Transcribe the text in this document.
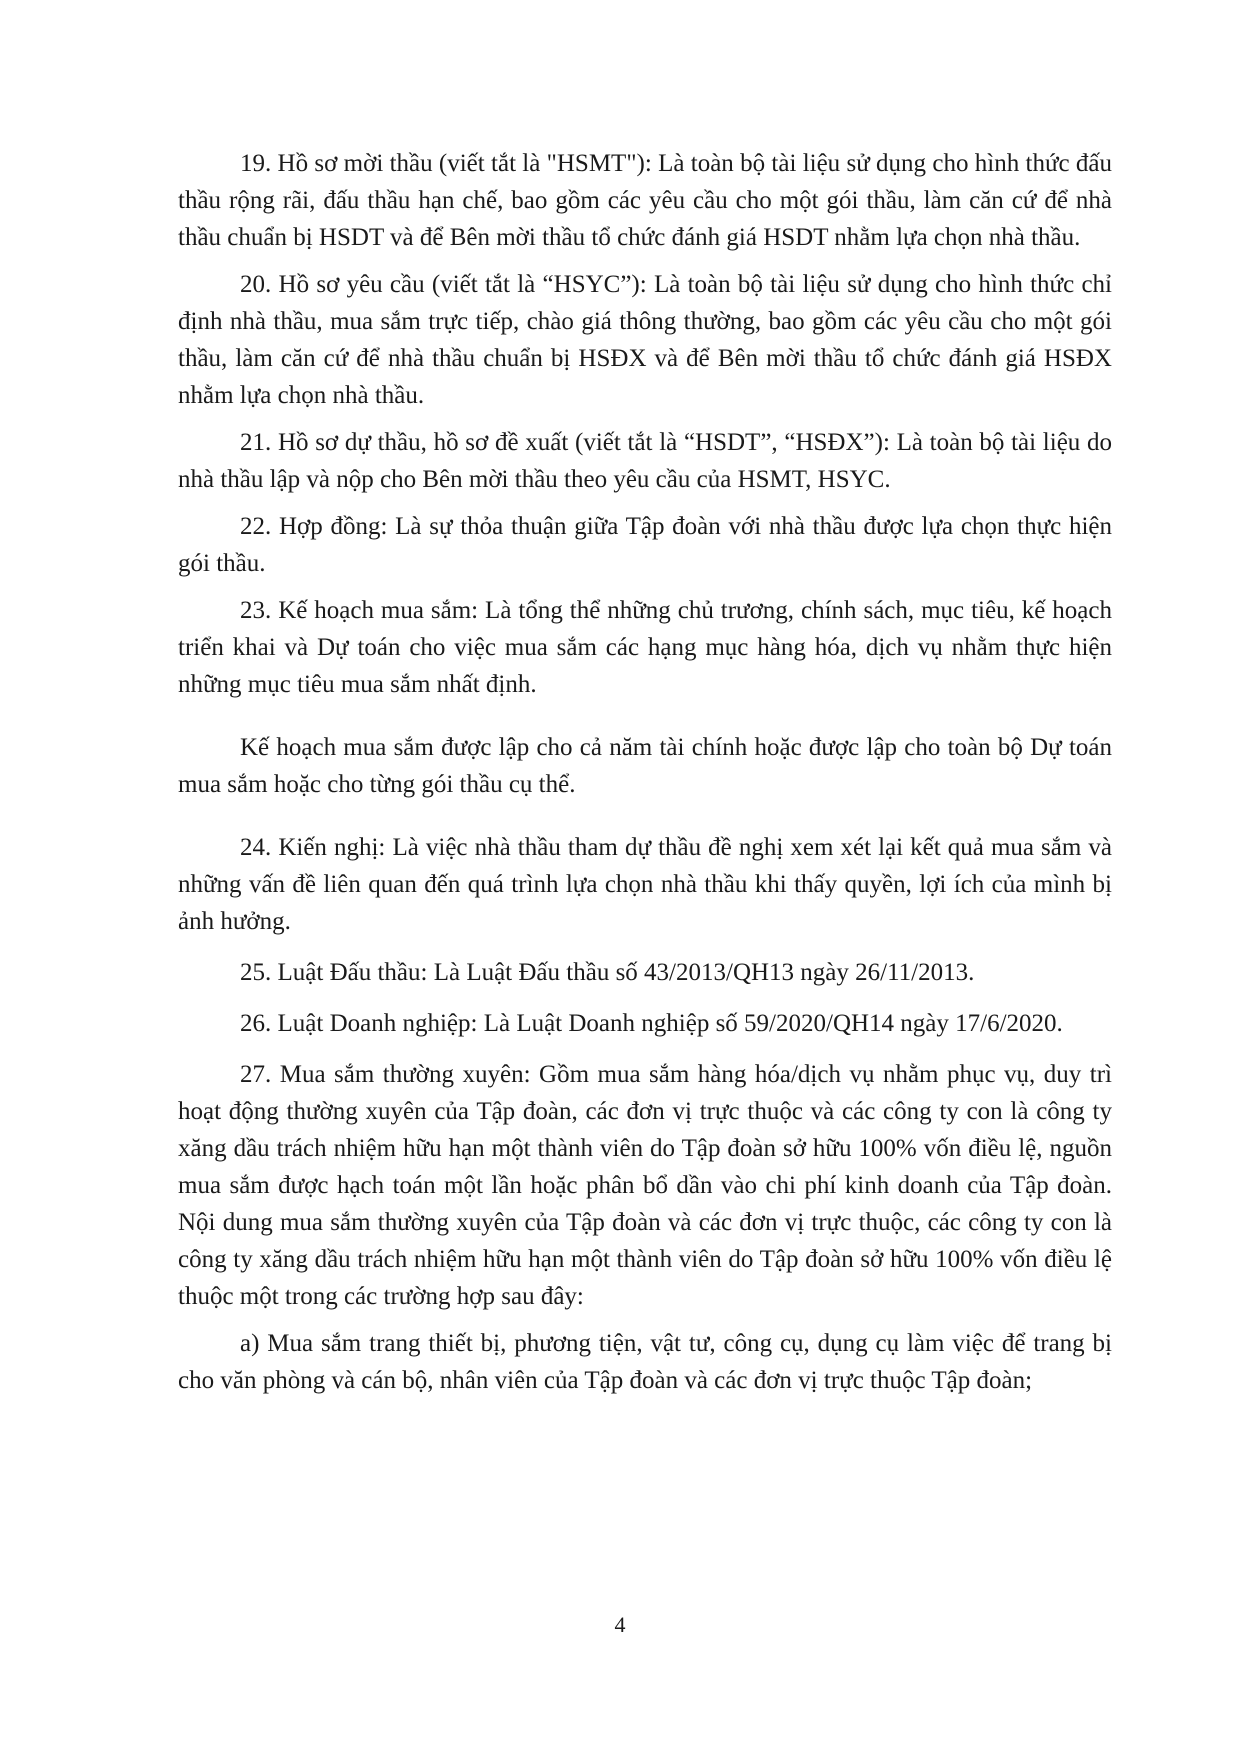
19. Hồ sơ mời thầu (viết tắt là "HSMT"): Là toàn bộ tài liệu sử dụng cho hình thức đấu thầu rộng rãi, đấu thầu hạn chế, bao gồm các yêu cầu cho một gói thầu, làm căn cứ để nhà thầu chuẩn bị HSDT và để Bên mời thầu tổ chức đánh giá HSDT nhằm lựa chọn nhà thầu.

20. Hồ sơ yêu cầu (viết tắt là “HSYC”): Là toàn bộ tài liệu sử dụng cho hình thức chỉ định nhà thầu, mua sắm trực tiếp, chào giá thông thường, bao gồm các yêu cầu cho một gói thầu, làm căn cứ để nhà thầu chuẩn bị HSĐX và để Bên mời thầu tổ chức đánh giá HSĐX nhằm lựa chọn nhà thầu.

21. Hồ sơ dự thầu, hồ sơ đề xuất (viết tắt là “HSDT”, “HSĐX”): Là toàn bộ tài liệu do nhà thầu lập và nộp cho Bên mời thầu theo yêu cầu của HSMT, HSYC.

22. Hợp đồng: Là sự thỏa thuận giữa Tập đoàn với nhà thầu được lựa chọn thực hiện gói thầu.

23. Kế hoạch mua sắm: Là tổng thể những chủ trương, chính sách, mục tiêu, kế hoạch triển khai và Dự toán cho việc mua sắm các hạng mục hàng hóa, dịch vụ nhằm thực hiện những mục tiêu mua sắm nhất định.

Kế hoạch mua sắm được lập cho cả năm tài chính hoặc được lập cho toàn bộ Dự toán mua sắm hoặc cho từng gói thầu cụ thể.

24. Kiến nghị: Là việc nhà thầu tham dự thầu đề nghị xem xét lại kết quả mua sắm và những vấn đề liên quan đến quá trình lựa chọn nhà thầu khi thấy quyền, lợi ích của mình bị ảnh hưởng.

25. Luật Đấu thầu: Là Luật Đấu thầu số 43/2013/QH13 ngày 26/11/2013.

26. Luật Doanh nghiệp: Là Luật Doanh nghiệp số 59/2020/QH14 ngày 17/6/2020.

27. Mua sắm thường xuyên: Gồm mua sắm hàng hóa/dịch vụ nhằm phục vụ, duy trì hoạt động thường xuyên của Tập đoàn, các đơn vị trực thuộc và các công ty con là công ty xăng dầu trách nhiệm hữu hạn một thành viên do Tập đoàn sở hữu 100% vốn điều lệ, nguồn mua sắm được hạch toán một lần hoặc phân bổ dần vào chi phí kinh doanh của Tập đoàn. Nội dung mua sắm thường xuyên của Tập đoàn và các đơn vị trực thuộc, các công ty con là công ty xăng dầu trách nhiệm hữu hạn một thành viên do Tập đoàn sở hữu 100% vốn điều lệ thuộc một trong các trường hợp sau đây:

a) Mua sắm trang thiết bị, phương tiện, vật tư, công cụ, dụng cụ làm việc để trang bị cho văn phòng và cán bộ, nhân viên của Tập đoàn và các đơn vị trực thuộc Tập đoàn;

4
